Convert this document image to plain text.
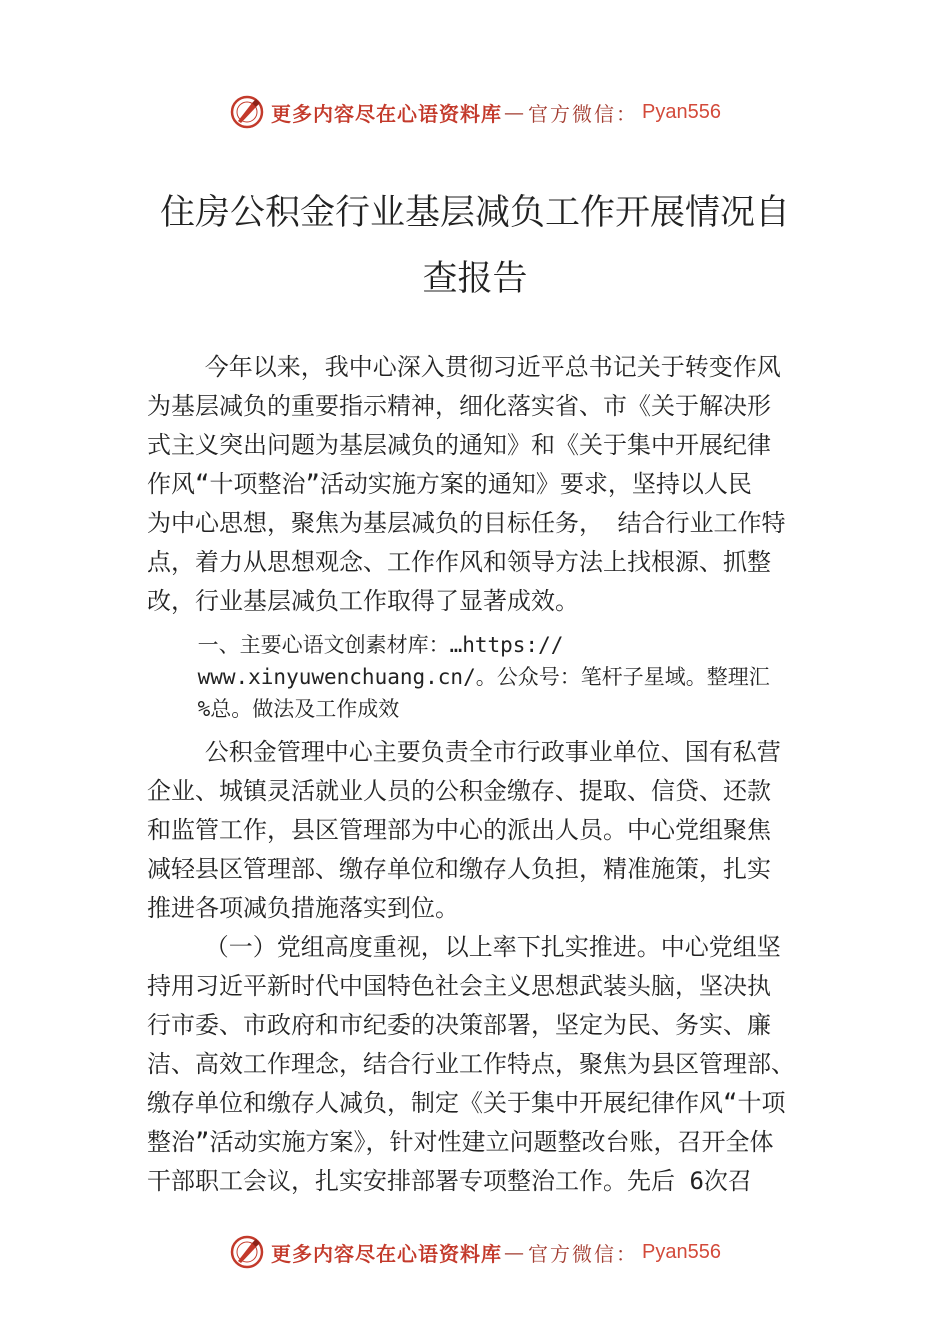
更多内容尽在心语资料库 — 官方微信： Pyan556
住房公积金行业基层减负工作开展情况自
查报告
今年以来，我中心深入贯彻习近平总书记关于转变作风
为基层减负的重要指示精神，细化落实省、市《关于解决形
式主义突出问题为基层减负的通知》和《关于集中开展纪律
作风“十项整治”活动实施方案的通知》要求，坚持以人民
为中心思想，聚焦为基层减负的目标任务， 结合行业工作特
点，着力从思想观念、工作作风和领导方法上找根源、抓整
改，行业基层减负工作取得了显著成效。
一、主要心语文创素材库：…https://
www.xinyuwenchuang.cn/。公众号：笔杆子星域。整理汇
%总。做法及工作成效
公积金管理中心主要负责全市行政事业单位、国有私营
企业、城镇灵活就业人员的公积金缴存、提取、信贷、还款
和监管工作，县区管理部为中心的派出人员。中心党组聚焦
减轻县区管理部、缴存单位和缴存人负担，精准施策，扎实
推进各项减负措施落实到位。
（一）党组高度重视，以上率下扎实推进。中心党组坚
持用习近平新时代中国特色社会主义思想武装头脑，坚决执
行市委、市政府和市纪委的决策部署，坚定为民、务实、廉
洁、高效工作理念，结合行业工作特点，聚焦为县区管理部、
缴存单位和缴存人减负，制定《关于集中开展纪律作风“十项
整治”活动实施方案》，针对性建立问题整改台账，召开全体
干部职工会议，扎实安排部署专项整治工作。先后 6次召
更多内容尽在心语资料库 — 官方微信： Pyan556
